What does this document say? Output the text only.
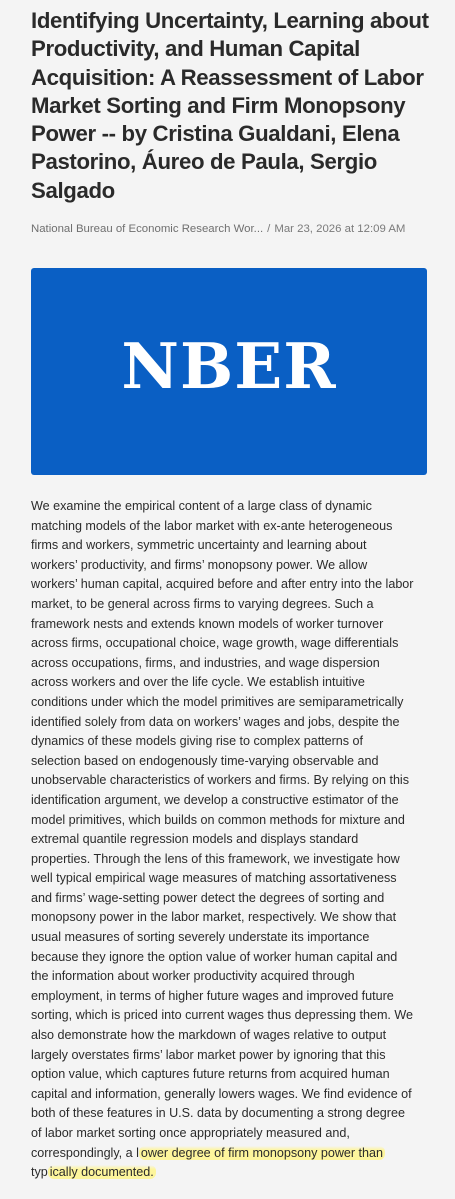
Identifying Uncertainty, Learning about Productivity, and Human Capital Acquisition: A Reassessment of Labor Market Sorting and Firm Monopsony Power -- by Cristina Gualdani, Elena Pastorino, Áureo de Paula, Sergio Salgado
National Bureau of Economic Research Wor... / Mar 23, 2026 at 12:09 AM
NBER
We examine the empirical content of a large class of dynamic
matching models of the labor market with ex-ante heterogeneous
firms and workers, symmetric uncertainty and learning about
workers’ productivity, and firms’ monopsony power. We allow
workers’ human capital, acquired before and after entry into the labor
market, to be general across firms to varying degrees. Such a
framework nests and extends known models of worker turnover
across firms, occupational choice, wage growth, wage differentials
across occupations, firms, and industries, and wage dispersion
across workers and over the life cycle. We establish intuitive
conditions under which the model primitives are semiparametrically
identified solely from data on workers’ wages and jobs, despite the
dynamics of these models giving rise to complex patterns of
selection based on endogenously time-varying observable and
unobservable characteristics of workers and firms. By relying on this
identification argument, we develop a constructive estimator of the
model primitives, which builds on common methods for mixture and
extremal quantile regression models and displays standard
properties. Through the lens of this framework, we investigate how
well typical empirical wage measures of matching assortativeness
and firms’ wage-setting power detect the degrees of sorting and
monopsony power in the labor market, respectively. We show that
usual measures of sorting severely understate its importance
because they ignore the option value of worker human capital and
the information about worker productivity acquired through
employment, in terms of higher future wages and improved future
sorting, which is priced into current wages thus depressing them. We
also demonstrate how the markdown of wages relative to output
largely overstates firms’ labor market power by ignoring that this
option value, which captures future returns from acquired human
capital and information, generally lowers wages. We find evidence of
both of these features in U.S. data by documenting a strong degree
of labor market sorting once appropriately measured and,
correspondingly, a l ower degree of firm monopsony power than
typ ically documented.
